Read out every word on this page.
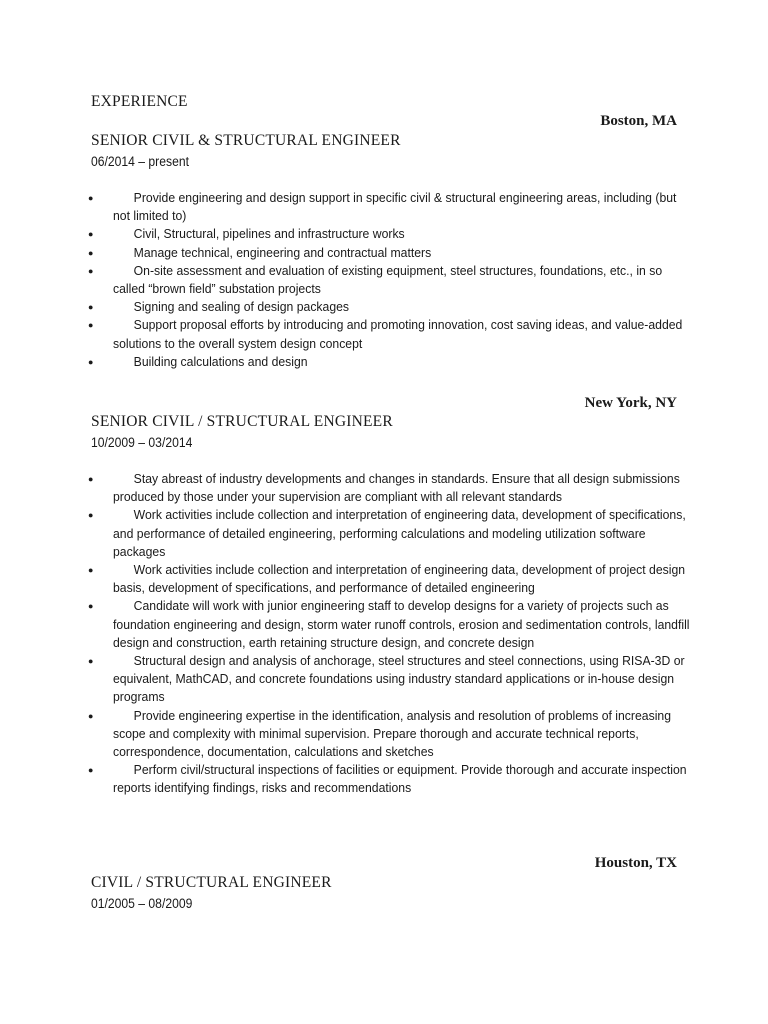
EXPERIENCE
Boston, MA
SENIOR CIVIL & STRUCTURAL ENGINEER
06/2014 – present
●	Provide engineering and design support in specific civil & structural engineering areas, including (but not limited to)
●	Civil, Structural, pipelines and infrastructure works
●	Manage technical, engineering and contractual matters
●	On-site assessment and evaluation of existing equipment, steel structures, foundations, etc., in so called “brown field” substation projects
●	Signing and sealing of design packages
●	Support proposal efforts by introducing and promoting innovation, cost saving ideas, and value-added solutions to the overall system design concept
●	Building calculations and design
New York, NY
SENIOR CIVIL / STRUCTURAL ENGINEER
10/2009 – 03/2014
●	Stay abreast of industry developments and changes in standards. Ensure that all design submissions produced by those under your supervision are compliant with all relevant standards
●	Work activities include collection and interpretation of engineering data, development of specifications, and performance of detailed engineering, performing calculations and modeling utilization software packages
●	Work activities include collection and interpretation of engineering data, development of project design basis, development of specifications, and performance of detailed engineering
●	Candidate will work with junior engineering staff to develop designs for a variety of projects such as foundation engineering and design, storm water runoff controls, erosion and sedimentation controls, landfill design and construction, earth retaining structure design, and concrete design
●	Structural design and analysis of anchorage, steel structures and steel connections, using RISA-3D or equivalent, MathCAD, and concrete foundations using industry standard applications or in-house design programs
●	Provide engineering expertise in the identification, analysis and resolution of problems of increasing scope and complexity with minimal supervision. Prepare thorough and accurate technical reports, correspondence, documentation, calculations and sketches
●	Perform civil/structural inspections of facilities or equipment. Provide thorough and accurate inspection reports identifying findings, risks and recommendations
Houston, TX
CIVIL / STRUCTURAL ENGINEER
01/2005 – 08/2009
